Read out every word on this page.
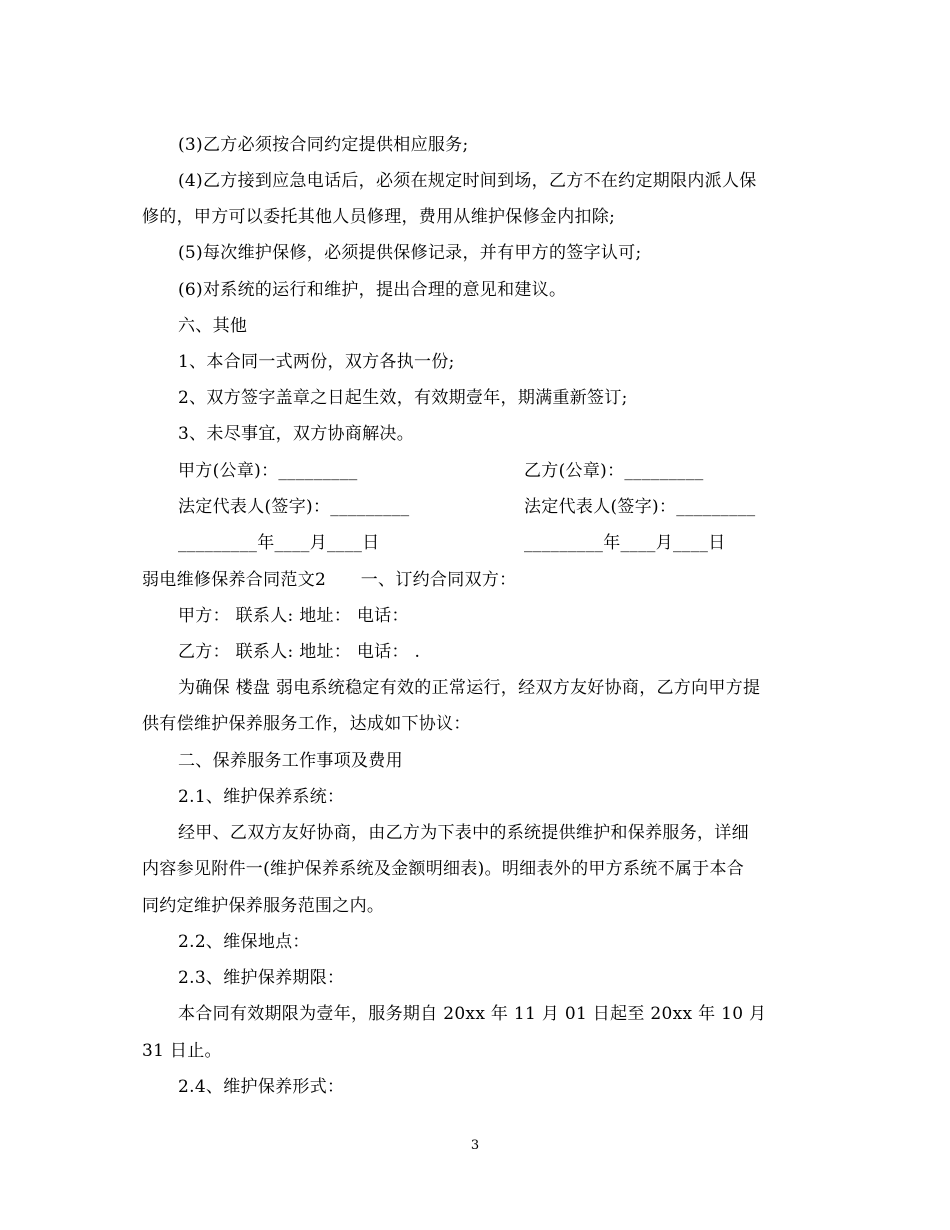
(3)乙方必须按合同约定提供相应服务;
(4)乙方接到应急电话后，必须在规定时间到场，乙方不在约定期限内派人保
修的，甲方可以委托其他人员修理，费用从维护保修金内扣除;
(5)每次维护保修，必须提供保修记录，并有甲方的签字认可;
(6)对系统的运行和维护，提出合理的意见和建议。
六、其他
1、本合同一式两份，双方各执一份;
2、双方签字盖章之日起生效，有效期壹年，期满重新签订;
3、未尽事宜，双方协商解决。
甲方(公章)：_________	乙方(公章)：_________
法定代表人(签字)：_________	法定代表人(签字)：_________
_________年____月____日	_________年____月____日
弱电维修保养合同范文2　　一、订约合同双方：
甲方： 联系人: 地址： 电话：
乙方： 联系人: 地址： 电话： .
为确保 楼盘 弱电系统稳定有效的正常运行，经双方友好协商，乙方向甲方提
供有偿维护保养服务工作，达成如下协议：
二、保养服务工作事项及费用
2.1、维护保养系统：
经甲、乙双方友好协商，由乙方为下表中的系统提供维护和保养服务，详细
内容参见附件一(维护保养系统及金额明细表)。明细表外的甲方系统不属于本合
同约定维护保养服务范围之内。
2.2、维保地点：
2.3、维护保养期限：
本合同有效期限为壹年，服务期自 20xx 年 11 月 01 日起至 20xx 年 10 月
31 日止。
2.4、维护保养形式：
3
